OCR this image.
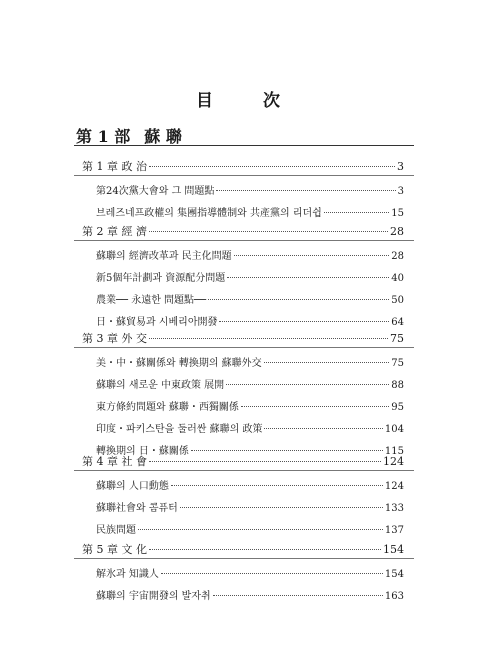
目 次
第 1 部 蘇 聯
第 1 章 政 治	3
第24次黨大會와 그 問題點	3
브레즈네프政權의 集團指導體制와 共產黨의 리더쉽	15
第 2 章 經 濟	28
蘇聯의 經濟改革과 民主化問題	28
新5個年計劃과 資源配分問題	40
農業── 永遠한 問題點──	50
日・蘇貿易과 시베리아開發	64
第 3 章 外 交	75
美・中・蘇關係와 轉換期의 蘇聯外交	75
蘇聯의 새로운 中東政策 展開	88
東方條約問題와 蘇聯・西獨關係	95
印度・파키스탄을 둘러싼 蘇聯의 政策	104
轉換期의 日・蘇關係	115
第 4 章 社 會	124
蘇聯의 人口動態	124
蘇聯社會와 콤퓨터	133
民族問題	137
第 5 章 文 化	154
解氷과 知識人	154
蘇聯의 宇宙開發의 발자취	163
